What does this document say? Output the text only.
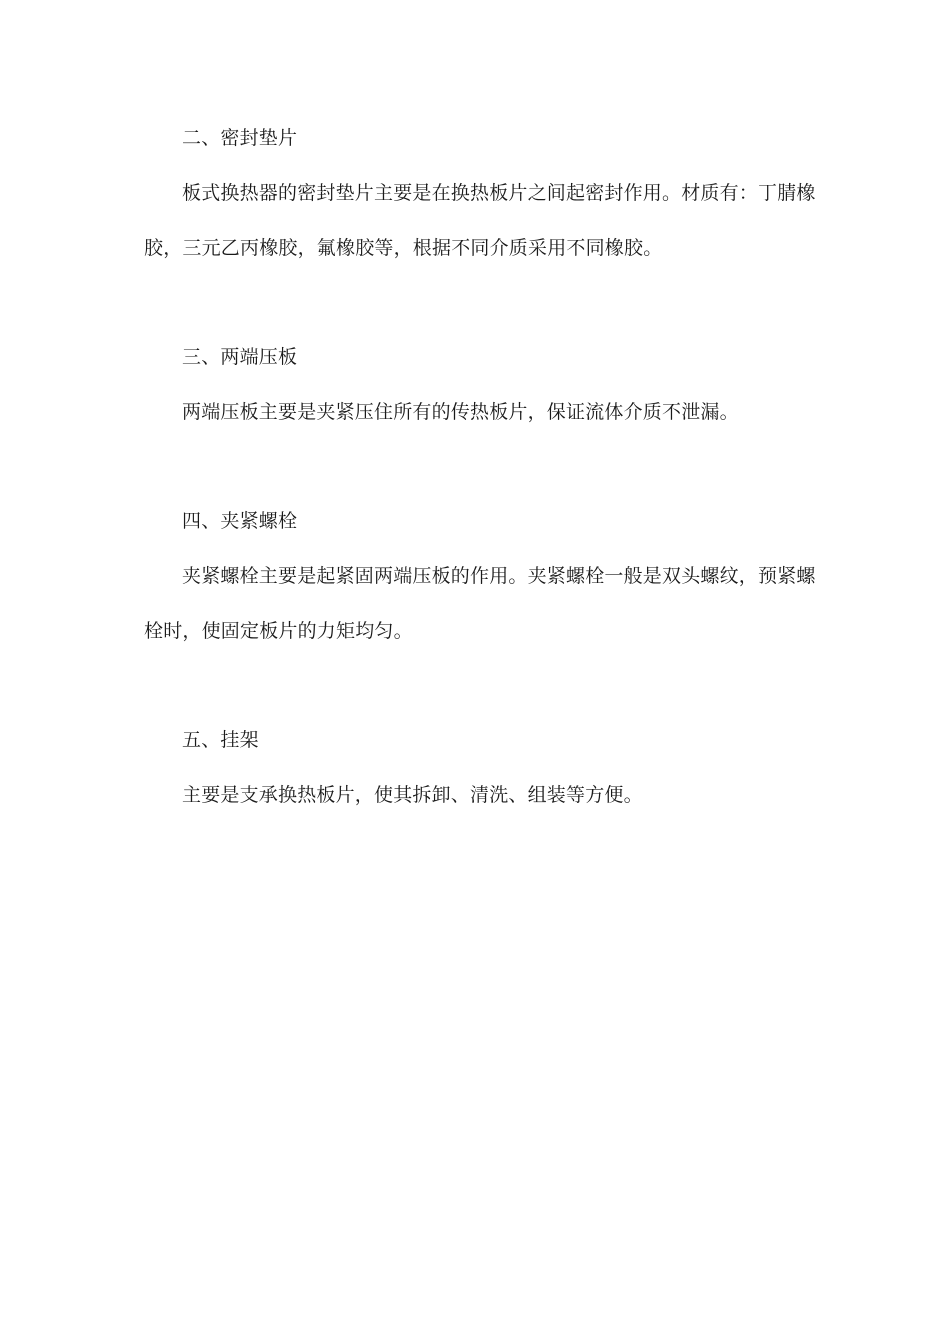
二、密封垫片

板式换热器的密封垫片主要是在换热板片之间起密封作用。材质有：丁腈橡

胶，三元乙丙橡胶，氟橡胶等，根据不同介质采用不同橡胶。

三、两端压板

两端压板主要是夹紧压住所有的传热板片，保证流体介质不泄漏。

四、夹紧螺栓

夹紧螺栓主要是起紧固两端压板的作用。夹紧螺栓一般是双头螺纹，预紧螺

栓时，使固定板片的力矩均匀。

五、挂架

主要是支承换热板片，使其拆卸、清洗、组装等方便。
